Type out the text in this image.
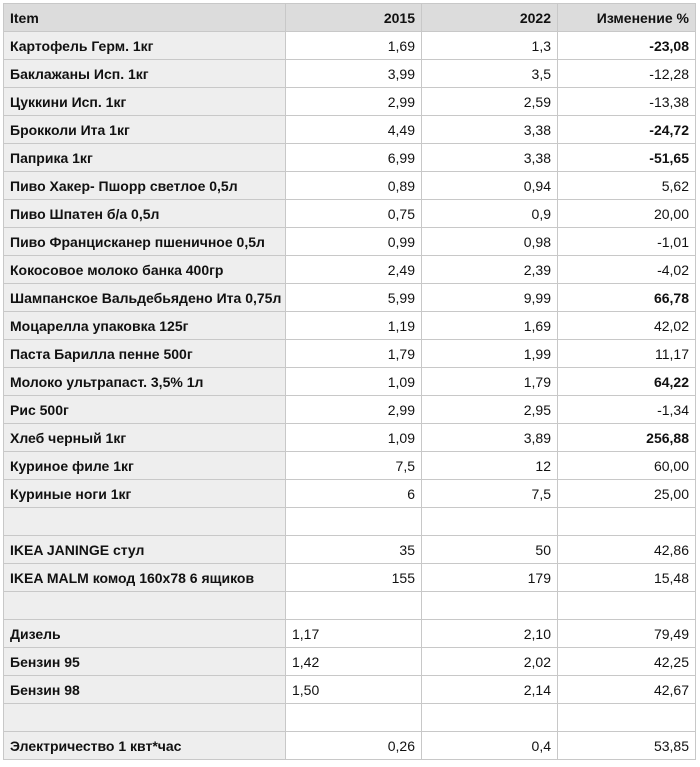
Item	2015	2022	Изменение %
Картофель Герм. 1кг	1,69	1,3	-23,08
Баклажаны Исп. 1кг	3,99	3,5	-12,28
Цуккини Исп. 1кг	2,99	2,59	-13,38
Брокколи Ита 1кг	4,49	3,38	-24,72
Паприка 1кг	6,99	3,38	-51,65
Пиво Хакер- Пшорр светлое 0,5л	0,89	0,94	5,62
Пиво Шпатен б/а 0,5л	0,75	0,9	20,00
Пиво Францисканер пшеничное 0,5л	0,99	0,98	-1,01
Кокосовое молоко банка 400гр	2,49	2,39	-4,02
Шампанское Вальдебьядено Ита 0,75л	5,99	9,99	66,78
Моцарелла упаковка 125г	1,19	1,69	42,02
Паста Барилла пенне 500г	1,79	1,99	11,17
Молоко ультрапаст. 3,5% 1л	1,09	1,79	64,22
Рис 500г	2,99	2,95	-1,34
Хлеб черный 1кг	1,09	3,89	256,88
Куриное филе 1кг	7,5	12	60,00
Куриные ноги 1кг	6	7,5	25,00

IKEA JANINGE стул	35	50	42,86
IKEA MALM комод 160x78 6 ящиков	155	179	15,48

Дизель	1,17	2,10	79,49
Бензин 95	1,42	2,02	42,25
Бензин 98	1,50	2,14	42,67

Электричество 1 квт*час	0,26	0,4	53,85
